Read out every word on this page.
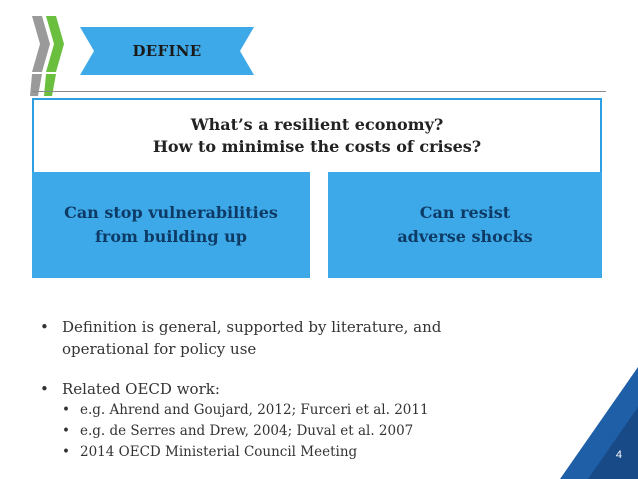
DEFINE
What’s a resilient economy?
How to minimise the costs of crises?
Can stop vulnerabilities
from building up
Can resist
adverse shocks
• Definition is general, supported by literature, and
operational for policy use
• Related OECD work:
• e.g. Ahrend and Goujard, 2012; Furceri et al. 2011
• e.g. de Serres and Drew, 2004; Duval et al. 2007
• 2014 OECD Ministerial Council Meeting	4
